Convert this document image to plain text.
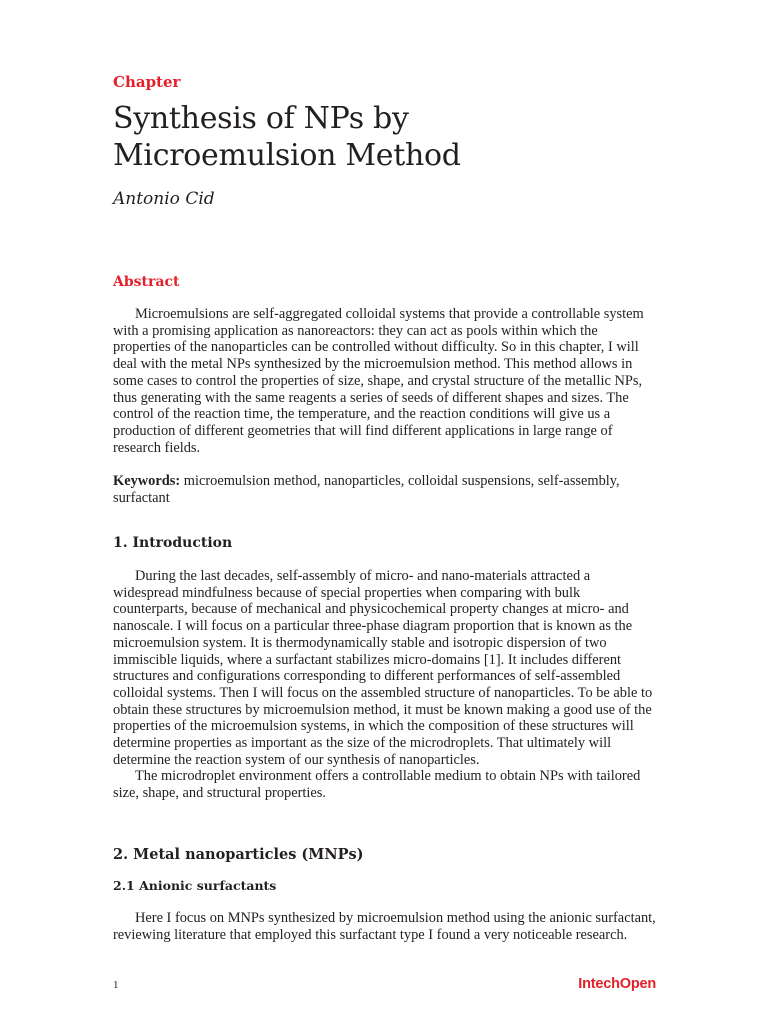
Chapter
Synthesis of NPs by
Microemulsion Method
Antonio Cid
Abstract

Microemulsions are self-aggregated colloidal systems that provide a controllable system with a promising application as nanoreactors: they can act as pools within which the properties of the nanoparticles can be controlled without difficulty. So in this chapter, I will deal with the metal NPs synthesized by the microemulsion method. This method allows in some cases to control the properties of size, shape, and crystal structure of the metallic NPs, thus generating with the same reagents a series of seeds of different shapes and sizes. The control of the reaction time, the temperature, and the reaction conditions will give us a production of different geometries that will find different applications in large range of research fields.

Keywords: microemulsion method, nanoparticles, colloidal suspensions, self-assembly, surfactant

1. Introduction

During the last decades, self-assembly of micro- and nano-materials attracted a widespread mindfulness because of special properties when comparing with bulk counterparts, because of mechanical and physicochemical property changes at micro- and nanoscale. I will focus on a particular three-phase diagram proportion that is known as the microemulsion system. It is thermodynamically stable and isotropic dispersion of two immiscible liquids, where a surfactant stabilizes micro-domains [1]. It includes different structures and configurations corresponding to different performances of self-assembled colloidal systems. Then I will focus on the assembled structure of nanoparticles. To be able to obtain these structures by microemulsion method, it must be known making a good use of the properties of the microemulsion systems, in which the composition of these structures will determine properties as important as the size of the microdroplets. That ultimately will determine the reaction system of our synthesis of nanoparticles.

The microdroplet environment offers a controllable medium to obtain NPs with tailored size, shape, and structural properties.

2. Metal nanoparticles (MNPs)
2.1 Anionic surfactants

Here I focus on MNPs synthesized by microemulsion method using the anionic surfactant, reviewing literature that employed this surfactant type I found a very noticeable research.

1	IntechOpen
